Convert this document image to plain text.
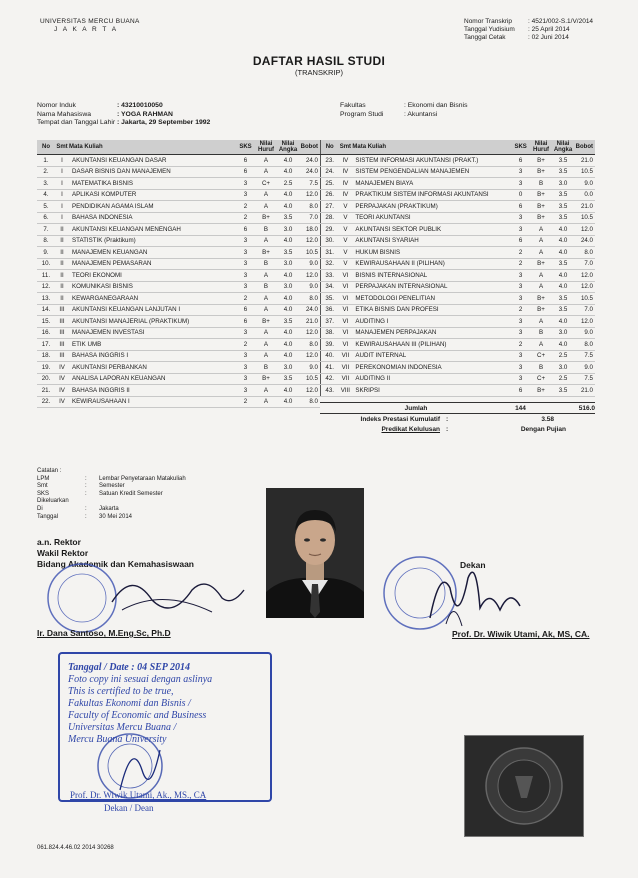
UNIVERSITAS MERCU BUANA
J A K A R T A
Nomor Transkrip	: 4521/002-S.1/V/2014
Tanggal Yudisium	: 25 April 2014
Tanggal Cetak	: 02 Juni 2014
DAFTAR HASIL STUDI
(TRANSKRIP)
Nomor Induk	: 43210010050
Nama Mahasiswa	: YOGA RAHMAN
Tempat dan Tanggal Lahir : Jakarta, 29 September 1992
Fakultas	: Ekonomi dan Bisnis
Program Studi	: Akuntansi
No	Smt	Mata Kuliah	SKS	Nilai Huruf	Nilai Angka	Bobot
1.	I	AKUNTANSI KEUANGAN DASAR	6	A	4.0	24.0
2.	I	DASAR BISNIS DAN MANAJEMEN	6	A	4.0	24.0
3.	I	MATEMATIKA BISNIS	3	C+	2.5	7.5
4.	I	APLIKASI KOMPUTER	3	A	4.0	12.0
5.	I	PENDIDIKAN AGAMA ISLAM	2	A	4.0	8.0
6.	I	BAHASA INDONESIA	2	B+	3.5	7.0
7.	II	AKUNTANSI KEUANGAN MENENGAH	6	B	3.0	18.0
8.	II	STATISTIK (Praktikum)	3	A	4.0	12.0
9.	II	MANAJEMEN KEUANGAN	3	B+	3.5	10.5
10.	II	MANAJEMEN PEMASARAN	3	B	3.0	9.0
11.	II	TEORI EKONOMI	3	A	4.0	12.0
12.	II	KOMUNIKASI BISNIS	3	B	3.0	9.0
13.	II	KEWARGANEGARAAN	2	A	4.0	8.0
14.	III	AKUNTANSI KEUANGAN LANJUTAN I	6	A	4.0	24.0
15.	III	AKUNTANSI MANAJERIAL (PRAKTIKUM)	6	B+	3.5	21.0
16.	III	MANAJEMEN INVESTASI	3	A	4.0	12.0
17.	III	ETIK UMB	2	A	4.0	8.0
18.	III	BAHASA INGGRIS I	3	A	4.0	12.0
19.	IV	AKUNTANSI PERBANKAN	3	B	3.0	9.0
20.	IV	ANALISA LAPORAN KEUANGAN	3	B+	3.5	10.5
21.	IV	BAHASA INGGRIS II	3	A	4.0	12.0
22.	IV	KEWIRAUSAHAAN I	2	A	4.0	8.0
No	Smt	Mata Kuliah	SKS	Nilai Huruf	Nilai Angka	Bobot
23.	IV	SISTEM INFORMASI AKUNTANSI (PRAKT.)	6	B+	3.5	21.0
24.	IV	SISTEM PENGENDALIAN MANAJEMEN	3	B+	3.5	10.5
25.	IV	MANAJEMEN BIAYA	3	B	3.0	9.0
26.	IV	PRAKTIKUM SISTEM INFORMASI AKUNTANSI	0	B+	3.5	0.0
27.	V	PERPAJAKAN (PRAKTIKUM)	6	B+	3.5	21.0
28.	V	TEORI AKUNTANSI	3	B+	3.5	10.5
29.	V	AKUNTANSI SEKTOR PUBLIK	3	A	4.0	12.0
30.	V	AKUNTANSI SYARIAH	6	A	4.0	24.0
31.	V	HUKUM BISNIS	2	A	4.0	8.0
32.	V	KEWIRAUSAHAAN II (PILIHAN)	2	B+	3.5	7.0
33.	VI	BISNIS INTERNASIONAL	3	A	4.0	12.0
34.	VI	PERPAJAKAN INTERNASIONAL	3	A	4.0	12.0
35.	VI	METODOLOGI PENELITIAN	3	B+	3.5	10.5
36.	VI	ETIKA BISNIS DAN PROFESI	2	B+	3.5	7.0
37.	VI	AUDITING I	3	A	4.0	12.0
38.	VI	MANAJEMEN PERPAJAKAN	3	B	3.0	9.0
39.	VI	KEWIRAUSAHAAN III (PILIHAN)	2	A	4.0	8.0
40.	VII	AUDIT INTERNAL	3	C+	2.5	7.5
41.	VII	PEREKONOMIAN INDONESIA	3	B	3.0	9.0
42.	VII	AUDITING II	3	C+	2.5	7.5
43.	VIII	SKRIPSI	6	B+	3.5	21.0
Jumlah	144	516.0
Indeks Prestasi Kumulatif :	3.58
Predikat Kelulusan :	Dengan Pujian
Catatan :
LPM	:	Lembar Penyetaraan Matakuliah
Smt	:	Semester
SKS	:	Satuan Kredit Semester
Dikeluarkan
Di	:	Jakarta
Tanggal	:	30 Mei 2014
a.n. Rektor
Wakil Rektor
Bidang Akademik dan Kemahasiswaan
Ir. Dana Santoso, M.Eng.Sc, Ph.D
Dekan
Prof. Dr. Wiwik Utami, Ak, MS, CA.
Tanggal / Date : 04 SEP 2014
Foto copy ini sesuai dengan aslinya
This is certified to be true,
Fakultas Ekonomi dan Bisnis /
Faculty of Economic and Business
Universitas Mercu Buana /
Mercu Buana University
Prof. Dr. Wiwik Utami, Ak., MS., CA
Dekan / Dean
061.824.4.46.02 2014 30268
